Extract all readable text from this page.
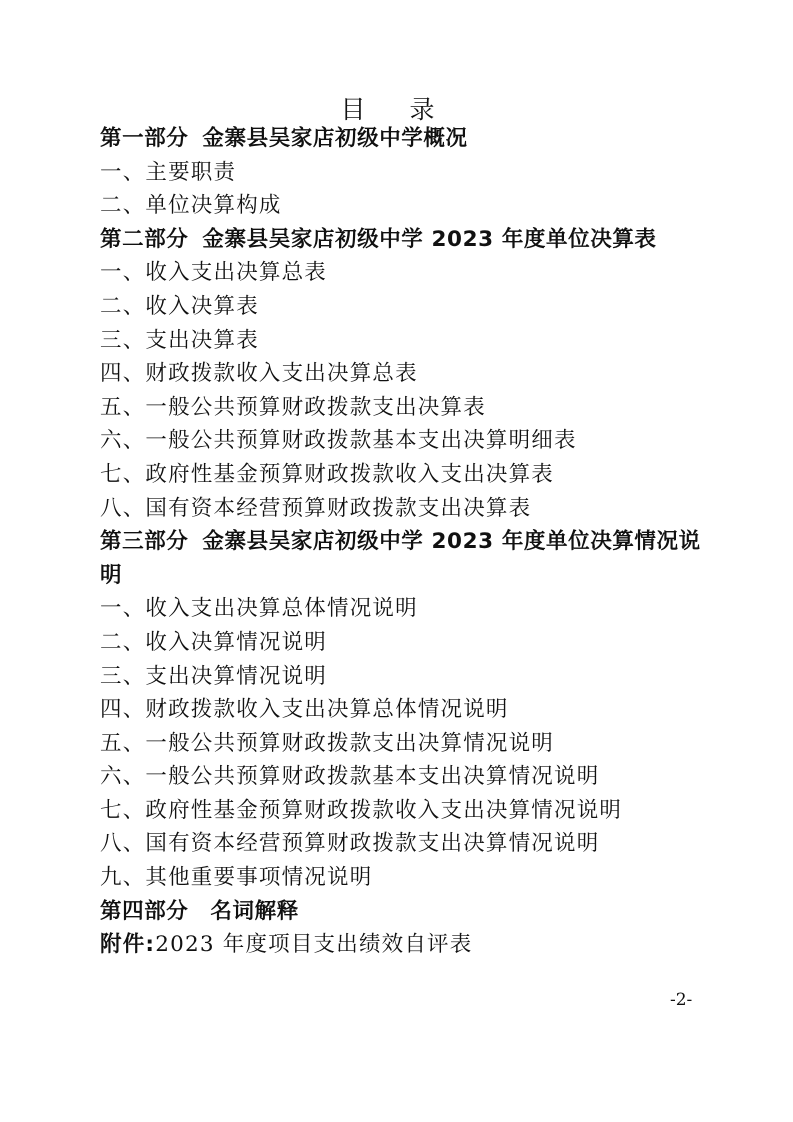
目 录
第一部分 金寨县吴家店初级中学概况
一、主要职责
二、单位决算构成
第二部分 金寨县吴家店初级中学 2023 年度单位决算表
一、收入支出决算总表
二、收入决算表
三、支出决算表
四、财政拨款收入支出决算总表
五、一般公共预算财政拨款支出决算表
六、一般公共预算财政拨款基本支出决算明细表
七、政府性基金预算财政拨款收入支出决算表
八、国有资本经营预算财政拨款支出决算表
第三部分 金寨县吴家店初级中学 2023 年度单位决算情况说明
一、收入支出决算总体情况说明
二、收入决算情况说明
三、支出决算情况说明
四、财政拨款收入支出决算总体情况说明
五、一般公共预算财政拨款支出决算情况说明
六、一般公共预算财政拨款基本支出决算情况说明
七、政府性基金预算财政拨款收入支出决算情况说明
八、国有资本经营预算财政拨款支出决算情况说明
九、其他重要事项情况说明
第四部分 名词解释
附件:2023 年度项目支出绩效自评表
-2-
